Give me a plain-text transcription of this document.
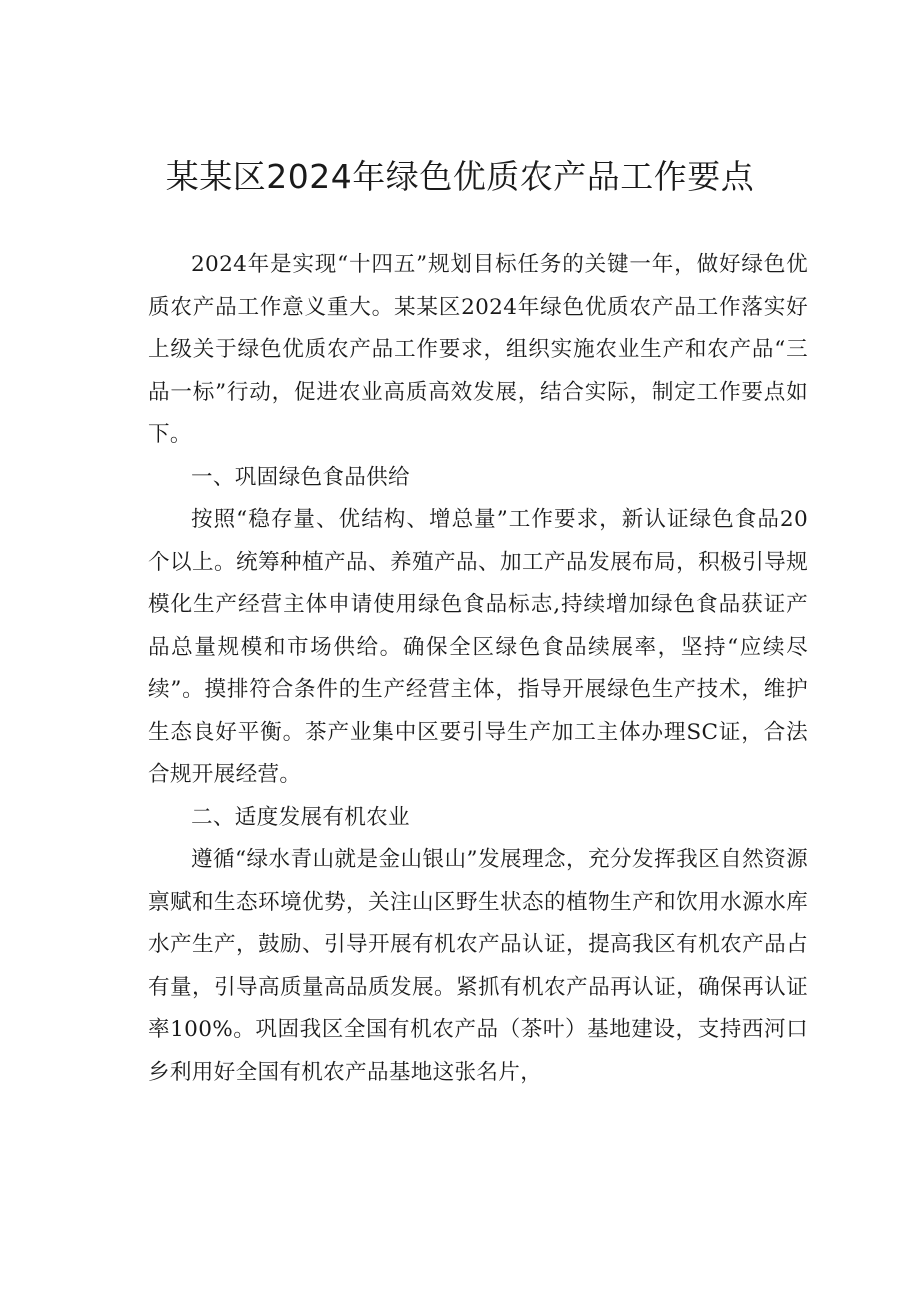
某某区2024年绿色优质农产品工作要点

2024年是实现“十四五”规划目标任务的关键一年，做好绿色优质农产品工作意义重大。某某区2024年绿色优质农产品工作落实好上级关于绿色优质农产品工作要求，组织实施农业生产和农产品“三品一标”行动，促进农业高质高效发展，结合实际，制定工作要点如下。

一、巩固绿色食品供给

按照“稳存量、优结构、增总量”工作要求，新认证绿色食品20个以上。统筹种植产品、养殖产品、加工产品发展布局，积极引导规模化生产经营主体申请使用绿色食品标志,持续增加绿色食品获证产品总量规模和市场供给。确保全区绿色食品续展率，坚持“应续尽续”。摸排符合条件的生产经营主体，指导开展绿色生产技术，维护生态良好平衡。茶产业集中区要引导生产加工主体办理SC证，合法合规开展经营。

二、适度发展有机农业

遵循“绿水青山就是金山银山”发展理念，充分发挥我区自然资源禀赋和生态环境优势，关注山区野生状态的植物生产和饮用水源水库水产生产，鼓励、引导开展有机农产品认证，提高我区有机农产品占有量，引导高质量高品质发展。紧抓有机农产品再认证，确保再认证率100%。巩固我区全国有机农产品（茶叶）基地建设，支持西河口乡利用好全国有机农产品基地这张名片，
